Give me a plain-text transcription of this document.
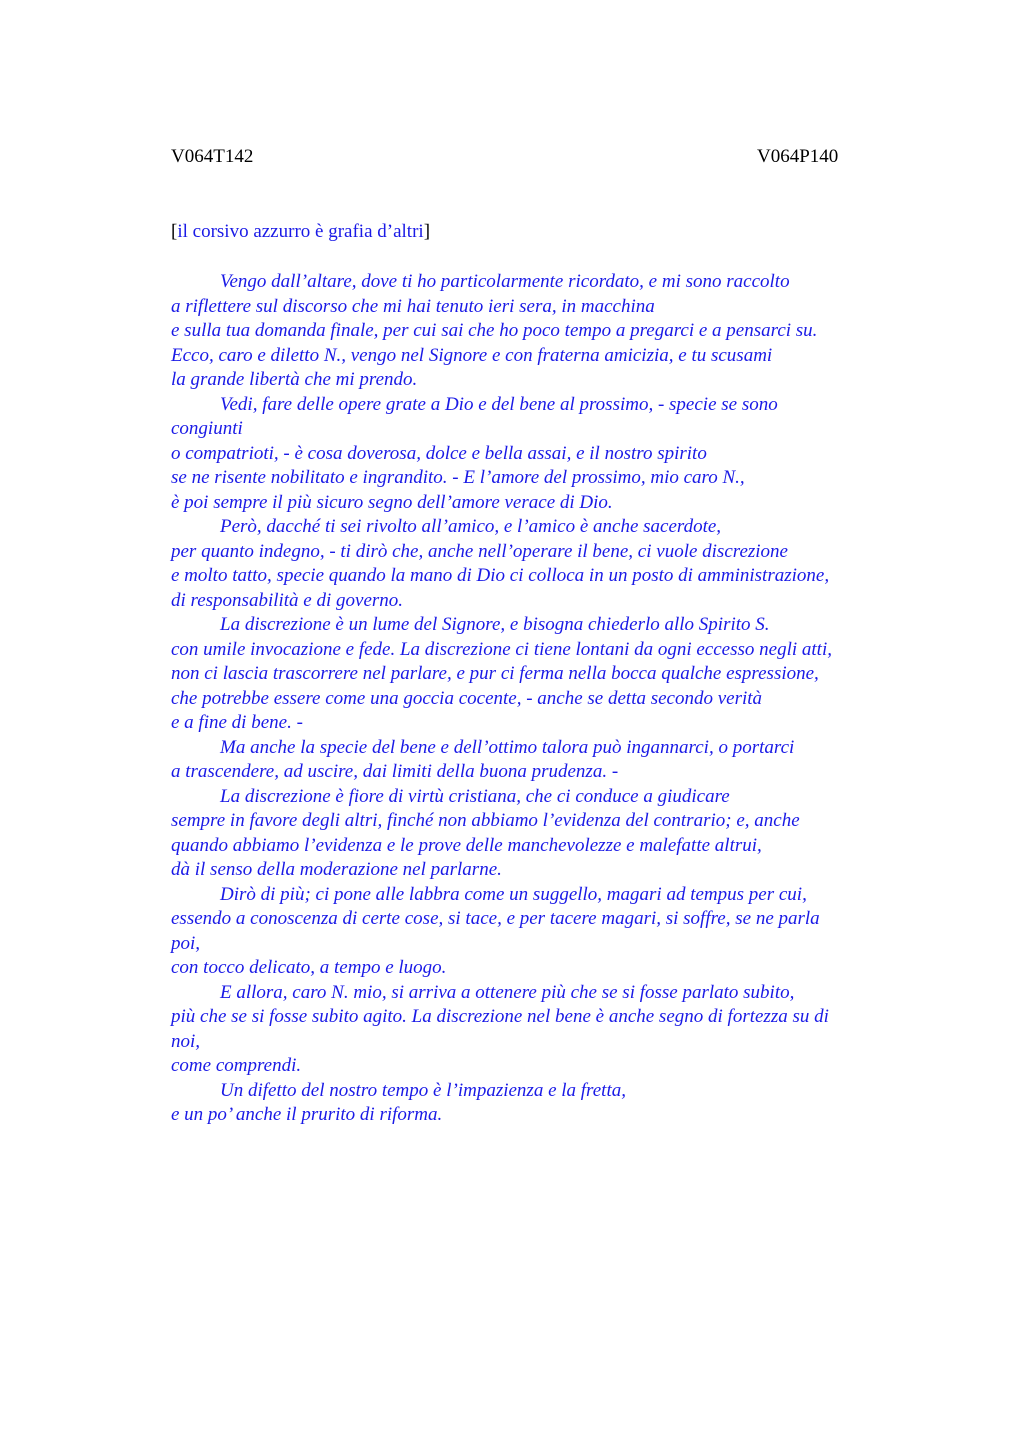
V064T142	V064P140
[il corsivo azzurro è grafia d’altri]
Vengo dall’altare, dove ti ho particolarmente ricordato, e mi sono raccolto
a riflettere sul discorso che mi hai tenuto ieri sera, in macchina
e sulla tua domanda finale, per cui sai che ho poco tempo a pregarci e a pensarci su.
Ecco, caro e diletto N., vengo nel Signore e con fraterna amicizia, e tu scusami
la grande libertà che mi prendo.
Vedi, fare delle opere grate a Dio e del bene al prossimo, - specie se sono
congiunti
o compatrioti, - è cosa doverosa, dolce e bella assai, e il nostro spirito
se ne risente nobilitato e ingrandito. - E l’amore del prossimo, mio caro N.,
è poi sempre il più sicuro segno dell’amore verace di Dio.
Però, dacché ti sei rivolto all’amico, e l’amico è anche sacerdote,
per quanto indegno, - ti dirò che, anche nell’operare il bene, ci vuole discrezione
e molto tatto, specie quando la mano di Dio ci colloca in un posto di amministrazione,
di responsabilità e di governo.
La discrezione è un lume del Signore, e bisogna chiederlo allo Spirito S.
con umile invocazione e fede. La discrezione ci tiene lontani da ogni eccesso negli atti,
non ci lascia trascorrere nel parlare, e pur ci ferma nella bocca qualche espressione,
che potrebbe essere come una goccia cocente, - anche se detta secondo verità
e a fine di bene. -
Ma anche la specie del bene e dell’ottimo talora può ingannarci, o portarci
a trascendere, ad uscire, dai limiti della buona prudenza. -
La discrezione è fiore di virtù cristiana, che ci conduce a giudicare
sempre in favore degli altri, finché non abbiamo l’evidenza del contrario; e, anche
quando abbiamo l’evidenza e le prove delle manchevolezze e malefatte altrui,
dà il senso della moderazione nel parlarne.
Dirò di più; ci pone alle labbra come un suggello, magari ad tempus per cui,
essendo a conoscenza di certe cose, si tace, e per tacere magari, si soffre, se ne parla
poi,
con tocco delicato, a tempo e luogo.
E allora, caro N. mio, si arriva a ottenere più che se si fosse parlato subito,
più che se si fosse subito agito. La discrezione nel bene è anche segno di fortezza su di
noi,
come comprendi.
Un difetto del nostro tempo è l’impazienza e la fretta,
e un po’ anche il prurito di riforma.
